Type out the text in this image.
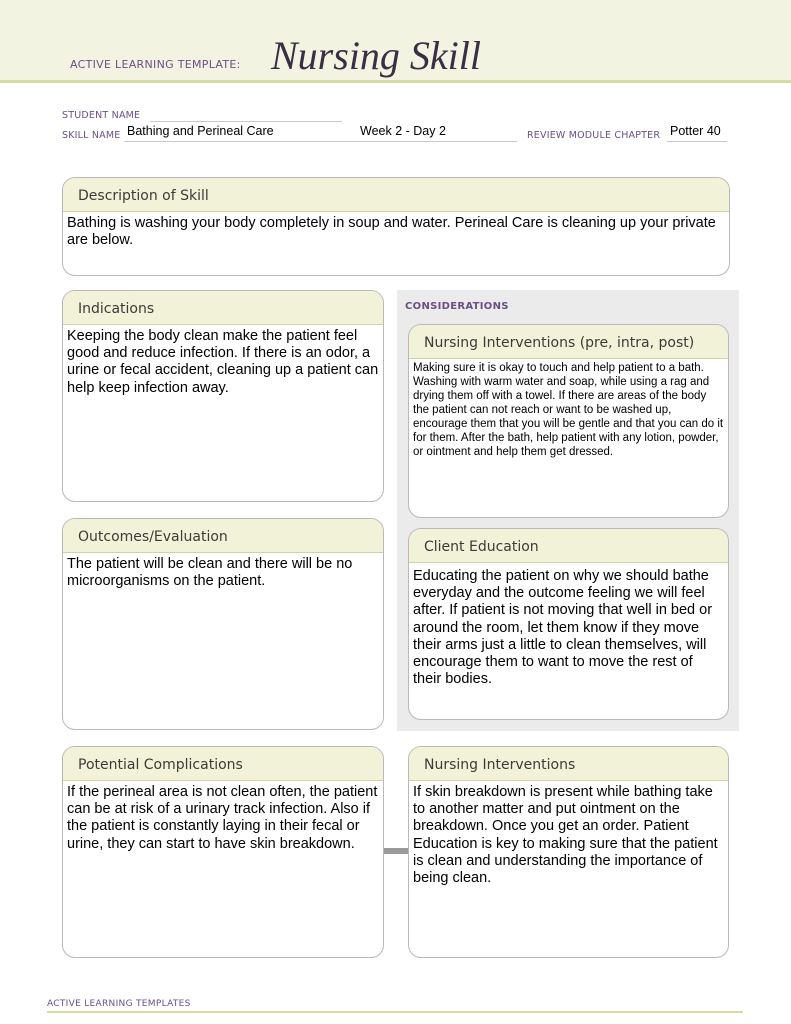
ACTIVE LEARNING TEMPLATE: Nursing Skill
STUDENT NAME
SKILL NAME Bathing and Perineal Care	Week 2 - Day 2	REVIEW MODULE CHAPTER Potter 40
Description of Skill
Bathing is washing your body completely in soup and water. Perineal Care is cleaning up your private are below.
CONSIDERATIONS
Indications
Keeping the body clean make the patient feel good and reduce infection. If there is an odor, a urine or fecal accident, cleaning up a patient can help keep infection away.
Nursing Interventions (pre, intra, post)
Making sure it is okay to touch and help patient to a bath. Washing with warm water and soap, while using a rag and drying them off with a towel. If there are areas of the body the patient can not reach or want to be washed up, encourage them that you will be gentle and that you can do it for them. After the bath, help patient with any lotion, powder, or ointment and help them get dressed.
Outcomes/Evaluation
The patient will be clean and there will be no microorganisms on the patient.
Client Education
Educating the patient on why we should bathe everyday and the outcome feeling we will feel after. If patient is not moving that well in bed or around the room, let them know if they move their arms just a little to clean themselves, will encourage them to want to move the rest of their bodies.
Potential Complications
If the perineal area is not clean often, the patient can be at risk of a urinary track infection. Also if the patient is constantly laying in their fecal or urine, they can start to have skin breakdown.
Nursing Interventions
If skin breakdown is present while bathing take to another matter and put ointment on the breakdown. Once you get an order. Patient Education is key to making sure that the patient is clean and understanding the importance of being clean.
ACTIVE LEARNING TEMPLATES
